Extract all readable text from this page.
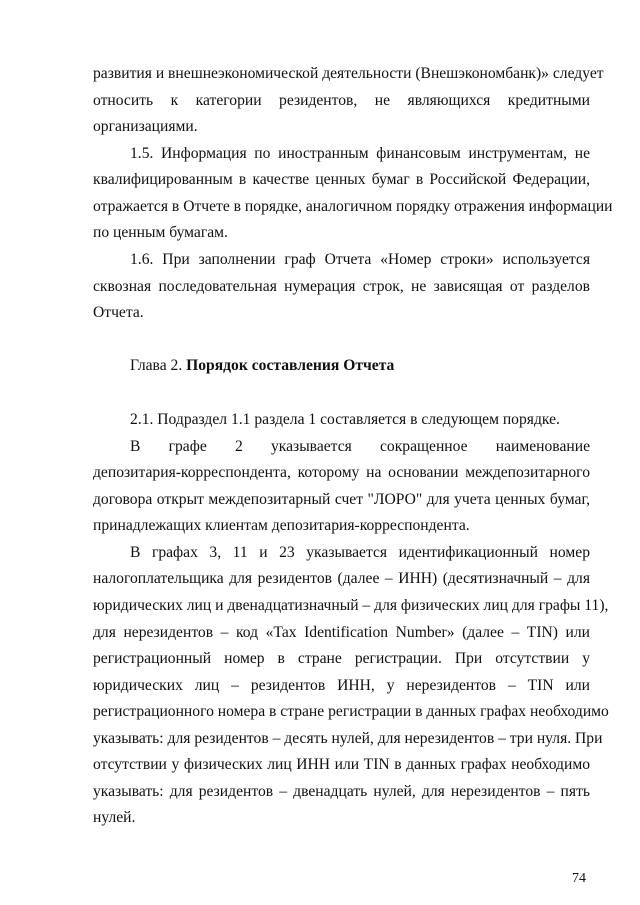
развития и внешнеэкономической деятельности (Внешэкономбанк)» следует
относить к категории резидентов, не являющихся кредитными
организациями.
1.5. Информация по иностранным финансовым инструментам, не
квалифицированным в качестве ценных бумаг в Российской Федерации,
отражается в Отчете в порядке, аналогичном порядку отражения информации
по ценным бумагам.
1.6. При заполнении граф Отчета «Номер строки» используется
сквозная последовательная нумерация строк, не зависящая от разделов
Отчета.
Глава 2. Порядок составления Отчета
2.1. Подраздел 1.1 раздела 1 составляется в следующем порядке.
В графе 2 указывается сокращенное наименование
депозитария-корреспондента, которому на основании междепозитарного
договора открыт междепозитарный счет "ЛОРО" для учета ценных бумаг,
принадлежащих клиентам депозитария-корреспондента.
В графах 3, 11 и 23 указывается идентификационный номер
налогоплательщика для резидентов (далее – ИНН) (десятизначный – для
юридических лиц и двенадцатизначный – для физических лиц для графы 11),
для нерезидентов – код «Tax Identification Number» (далее – TIN) или
регистрационный номер в стране регистрации. При отсутствии у
юридических лиц – резидентов ИНН, у нерезидентов – TIN или
регистрационного номера в стране регистрации в данных графах необходимо
указывать: для резидентов – десять нулей, для нерезидентов – три нуля. При
отсутствии у физических лиц ИНН или TIN в данных графах необходимо
указывать: для резидентов – двенадцать нулей, для нерезидентов – пять
нулей.
74
